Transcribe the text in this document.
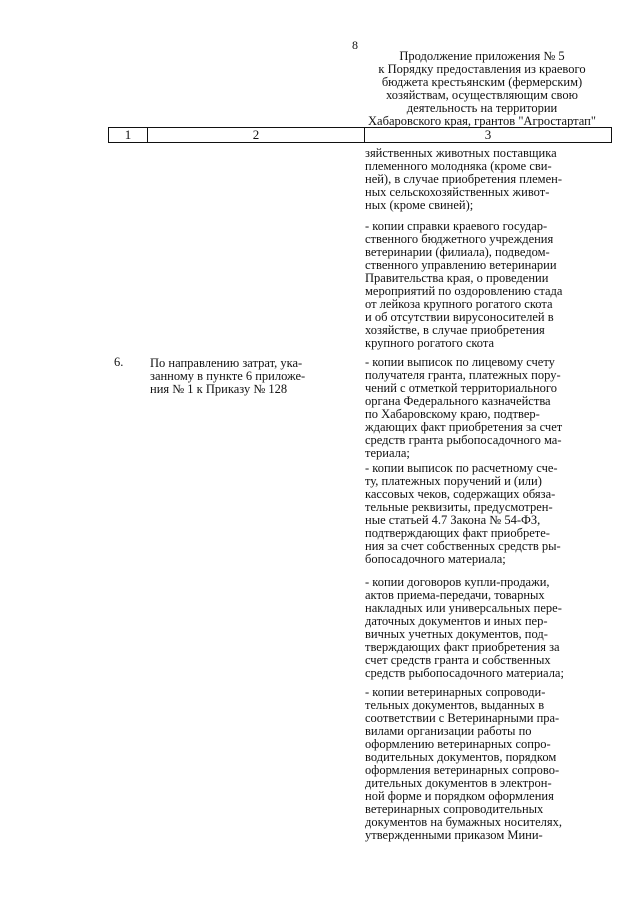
8
Продолжение приложения № 5
к Порядку предоставления из краевого
бюджета крестьянским (фермерским)
хозяйствам, осуществляющим свою
деятельность на территории
Хабаровского края, грантов "Агростартап"
1	2	3
зяйственных животных поставщика
племенного молодняка (кроме сви-
ней), в случае приобретения племен-
ных сельскохозяйственных живот-
ных (кроме свиней);
- копии справки краевого государ-
ственного бюджетного учреждения
ветеринарии (филиала), подведом-
ственного управлению ветеринарии
Правительства края, о проведении
мероприятий по оздоровлению стада
от лейкоза крупного рогатого скота
и об отсутствии вирусоносителей в
хозяйстве, в случае приобретения
крупного рогатого скота
6. По направлению затрат, ука-
занному в пункте 6 приложе-
ния № 1 к Приказу № 128
- копии выписок по лицевому счету
получателя гранта, платежных пору-
чений с отметкой территориального
органа Федерального казначейства
по Хабаровскому краю, подтвер-
ждающих факт приобретения за счет
средств гранта рыбопосадочного ма-
териала;
- копии выписок по расчетному сче-
ту, платежных поручений и (или)
кассовых чеков, содержащих обяза-
тельные реквизиты, предусмотрен-
ные статьей 4.7 Закона № 54-ФЗ,
подтверждающих факт приобрете-
ния за счет собственных средств ры-
бопосадочного материала;
- копии договоров купли-продажи,
актов приема-передачи, товарных
накладных или универсальных пере-
даточных документов и иных пер-
вичных учетных документов, под-
тверждающих факт приобретения за
счет средств гранта и собственных
средств рыбопосадочного материала;
- копии ветеринарных сопроводи-
тельных документов, выданных в
соответствии с Ветеринарными пра-
вилами организации работы по
оформлению ветеринарных сопро-
водительных документов, порядком
оформления ветеринарных сопрово-
дительных документов в электрон-
ной форме и порядком оформления
ветеринарных сопроводительных
документов на бумажных носителях,
утвержденными приказом Мини-
